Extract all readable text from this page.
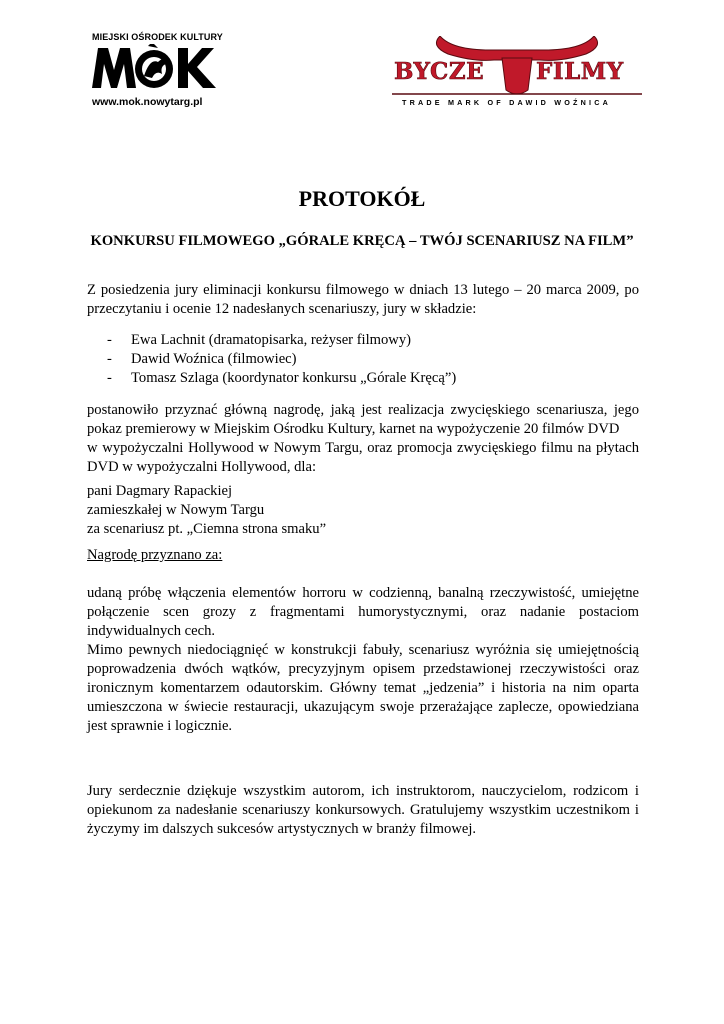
MIEJSKI OŚRODEK KULTURY
www.mok.nowytarg.pl
BYCZE FILMY
TRADE MARK OF DAWID WOŹNICA
PROTOKÓŁ
KONKURSU FILMOWEGO „GÓRALE KRĘCĄ – TWÓJ SCENARIUSZ NA FILM”

Z posiedzenia jury eliminacji konkursu filmowego w dniach 13 lutego – 20 marca 2009, po przeczytaniu i ocenie 12 nadesłanych scenariuszy, jury w składzie:

- Ewa Lachnit (dramatopisarka, reżyser filmowy)
- Dawid Woźnica (filmowiec)
- Tomasz Szlaga (koordynator konkursu „Górale Kręcą”)
postanowiło przyznać główną nagrodę, jaką jest realizacja zwycięskiego scenariusza, jego pokaz premierowy w Miejskim Ośrodku Kultury, karnet na wypożyczenie 20 filmów DVD
w wypożyczalni Hollywood w Nowym Targu, oraz promocja zwycięskiego filmu na płytach DVD w wypożyczalni Hollywood, dla:
pani Dagmary Rapackiej
zamieszkałej w Nowym Targu
za scenariusz pt. „Ciemna strona smaku”
Nagrodę przyznano za:
udaną próbę włączenia elementów horroru w codzienną, banalną rzeczywistość, umiejętne połączenie scen grozy z fragmentami humorystycznymi, oraz nadanie postaciom indywidualnych cech.
Mimo pewnych niedociągnięć w konstrukcji fabuły, scenariusz wyróżnia się umiejętnością poprowadzenia dwóch wątków, precyzyjnym opisem przedstawionej rzeczywistości oraz ironicznym komentarzem odautorskim. Główny temat „jedzenia” i historia na nim oparta umieszczona w świecie restauracji, ukazującym swoje przerażające zaplecze, opowiedziana jest sprawnie i logicznie.

Jury serdecznie dziękuje wszystkim autorom, ich instruktorom, nauczycielom, rodzicom i opiekunom za nadesłanie scenariuszy konkursowych. Gratulujemy wszystkim uczestnikom i życzymy im dalszych sukcesów artystycznych w branży filmowej.
